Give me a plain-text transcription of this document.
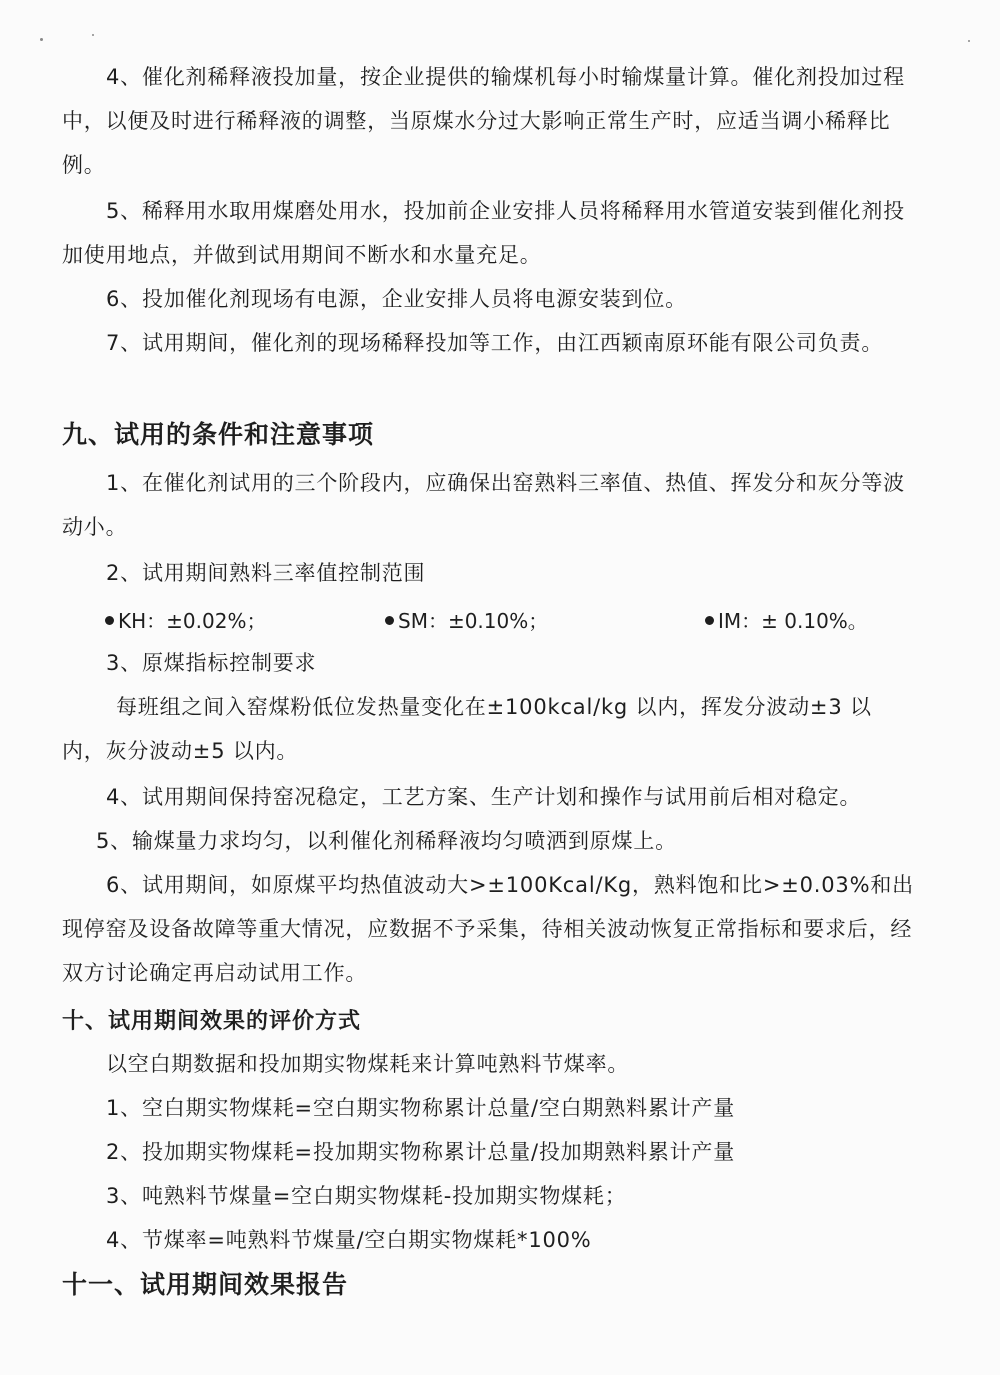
4、催化剂稀释液投加量，按企业提供的输煤机每小时输煤量计算。催化剂投加过程中，以便及时进行稀释液的调整，当原煤水分过大影响正常生产时，应适当调小稀释比例。

5、稀释用水取用煤磨处用水，投加前企业安排人员将稀释用水管道安装到催化剂投加使用地点，并做到试用期间不断水和水量充足。

6、投加催化剂现场有电源，企业安排人员将电源安装到位。

7、试用期间，催化剂的现场稀释投加等工作，由江西颖南原环能有限公司负责。

九、试用的条件和注意事项

1、在催化剂试用的三个阶段内，应确保出窑熟料三率值、热值、挥发分和灰分等波动小。

2、试用期间熟料三率值控制范围

KH：±0.02%；	SM：±0.10%；	IM：± 0.10%。

3、原煤指标控制要求

每班组之间入窑煤粉低位发热量变化在±100kcal/kg 以内，挥发分波动±3 以内，灰分波动±5 以内。

4、试用期间保持窑况稳定，工艺方案、生产计划和操作与试用前后相对稳定。

5、输煤量力求均匀，以利催化剂稀释液均匀喷洒到原煤上。

6、试用期间，如原煤平均热值波动大>±100Kcal/Kg，熟料饱和比>±0.03%和出现停窑及设备故障等重大情况，应数据不予采集，待相关波动恢复正常指标和要求后，经双方讨论确定再启动试用工作。

十、试用期间效果的评价方式

以空白期数据和投加期实物煤耗来计算吨熟料节煤率。

1、空白期实物煤耗=空白期实物称累计总量/空白期熟料累计产量

2、投加期实物煤耗=投加期实物称累计总量/投加期熟料累计产量

3、吨熟料节煤量=空白期实物煤耗-投加期实物煤耗；

4、节煤率=吨熟料节煤量/空白期实物煤耗*100%

十一、试用期间效果报告
